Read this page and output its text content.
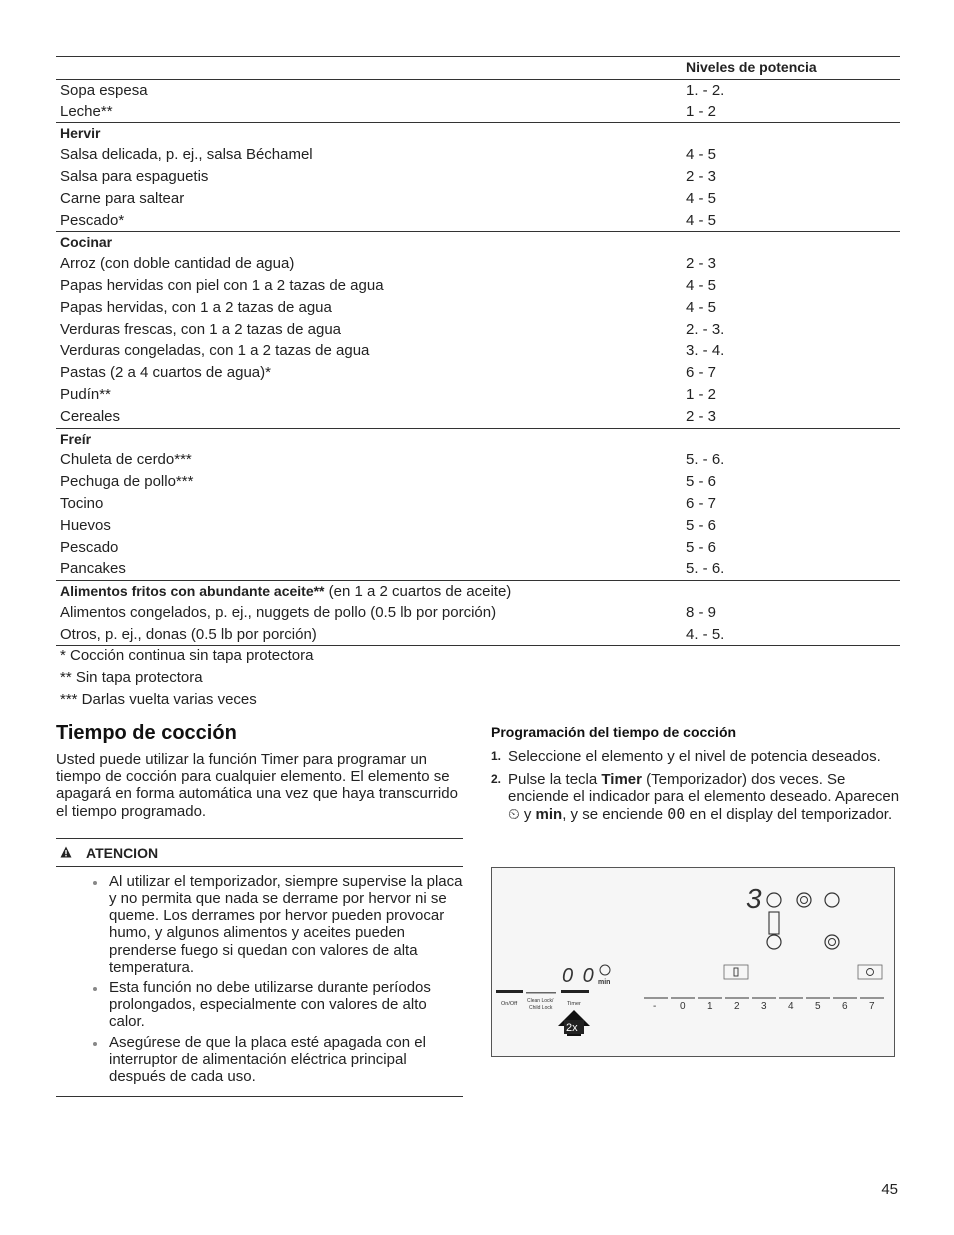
Niveles de potencia
Sopa espesa	1. - 2.
Leche**	1 - 2
Hervir
Salsa delicada, p. ej., salsa Béchamel	4 - 5
Salsa para espaguetis	2 - 3
Carne para saltear	4 - 5
Pescado*	4 - 5
Cocinar
Arroz (con doble cantidad de agua)	2 - 3
Papas hervidas con piel con 1 a 2 tazas de agua	4 - 5
Papas hervidas, con 1 a 2 tazas de agua	4 - 5
Verduras frescas, con 1 a 2 tazas de agua	2. - 3.
Verduras congeladas, con 1 a 2 tazas de agua	3. - 4.
Pastas (2 a 4 cuartos de agua)*	6 - 7
Pudín**	1 - 2
Cereales	2 - 3
Freír
Chuleta de cerdo***	5. - 6.
Pechuga de pollo***	5 - 6
Tocino	6 - 7
Huevos	5 - 6
Pescado	5 - 6
Pancakes	5. - 6.
Alimentos fritos con abundante aceite** (en 1 a 2 cuartos de aceite)
Alimentos congelados, p. ej., nuggets de pollo (0.5 lb por porción)	8 - 9
Otros, p. ej., donas (0.5 lb por porción)	4. - 5.
* Cocción continua sin tapa protectora
** Sin tapa protectora
*** Darlas vuelta varias veces
Tiempo de cocción

Usted puede utilizar la función Timer para programar un tiempo de cocción para cualquier elemento. El elemento se apagará en forma automática una vez que haya transcurrido el tiempo programado.

ATENCION
Al utilizar el temporizador, siempre supervise la placa y no permita que nada se derrame por hervor ni se queme. Los derrames por hervor pueden provocar humo, y algunos alimentos y aceites pueden prenderse fuego si quedan con valores de alta temperatura.
Esta función no debe utilizarse durante períodos prolongados, especialmente con valores de alto calor.
Asegúrese de que la placa esté apagada con el interruptor de alimentación eléctrica principal después de cada uso.
Programación del tiempo de cocción
1. Seleccione el elemento y el nivel de potencia deseados.
2. Pulse la tecla Timer (Temporizador) dos veces. Se enciende el indicador para el elemento deseado. Aparecen ⏲ y min, y se enciende 00 en el display del temporizador.
3
0 0 min
On/Off Clean Lock/
Child Lock
Timer
2x
- 0 1 2 3 4 5 6 7
45
